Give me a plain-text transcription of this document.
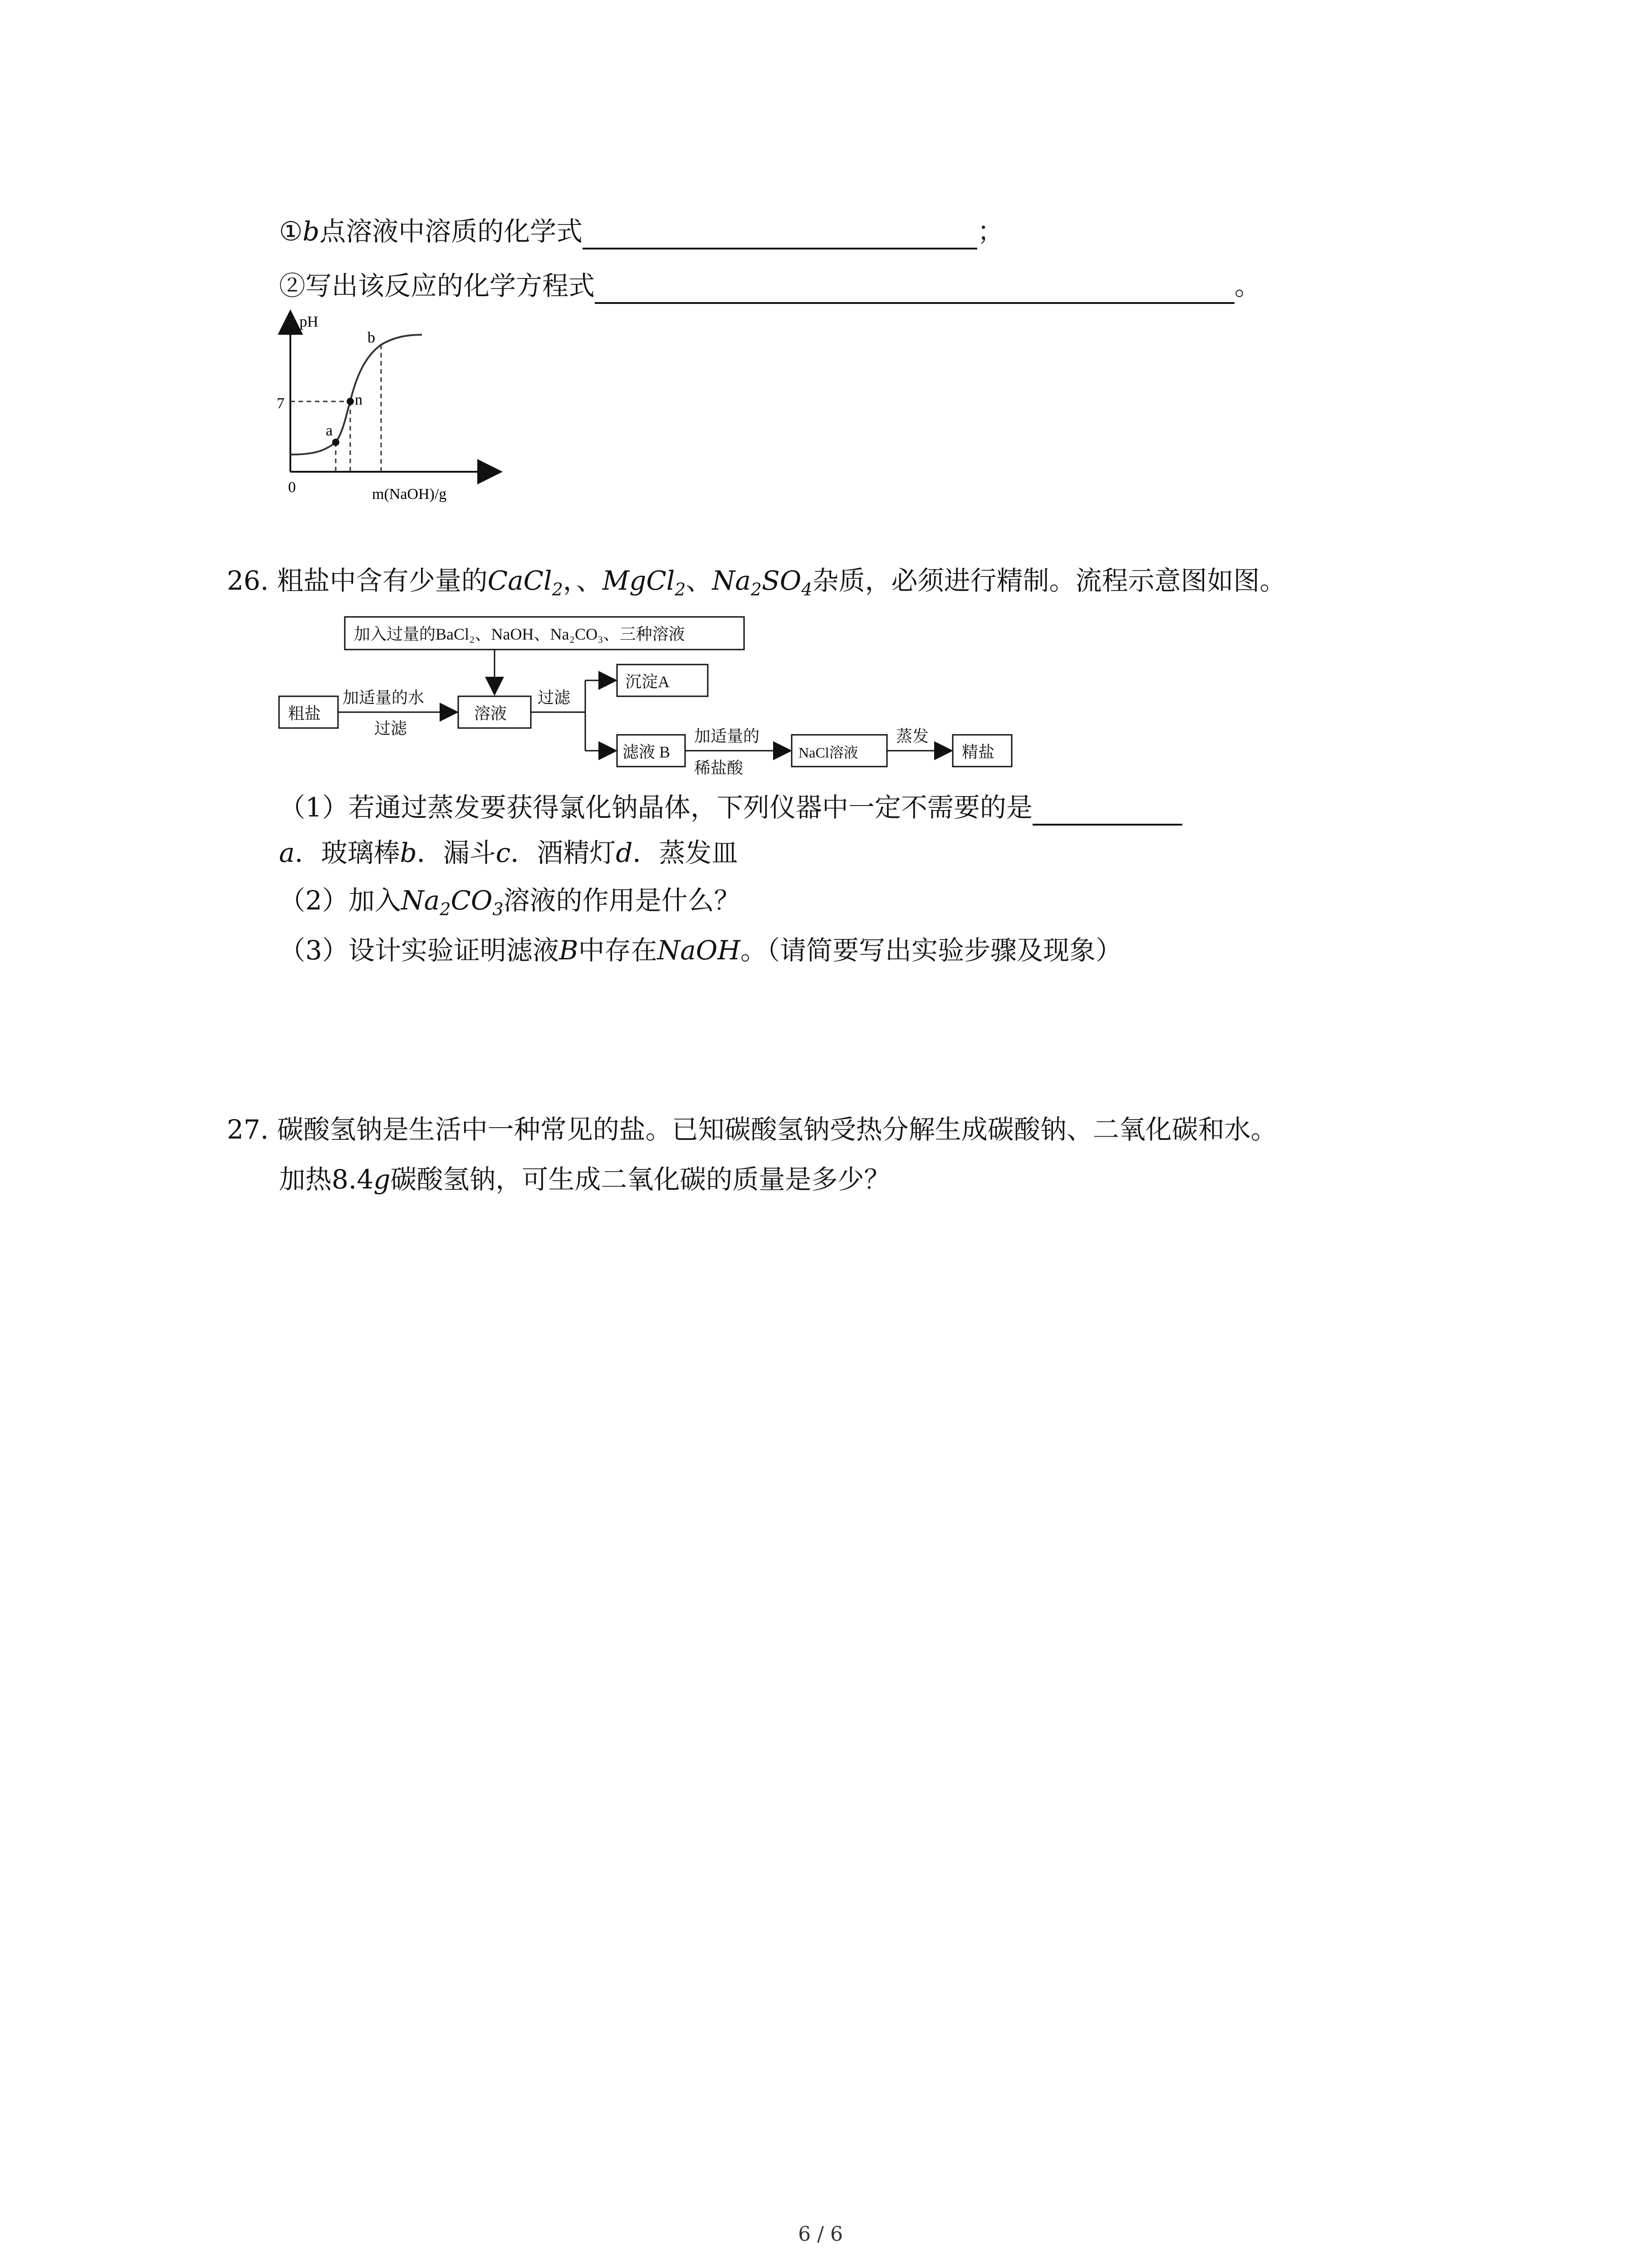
①b点溶液中溶质的化学式	；
②写出该反应的化学方程式	。
pH
7
0	m(NaOH)/g
a
n
b
26. 粗盐中含有少量的CaCl$_2$，、MgCl$_2$、$Na_2SO_4$杂质，必须进行精制。流程示意图如图。
加入过量的BaCl₂、NaOH、Na₂CO₃、三种溶液
粗盐
加适量的水
过滤
溶液
过滤
沉淀A
滤液 B
加适量的
稀盐酸
NaCl溶液
蒸发
精盐
（1）若通过蒸发要获得氯化钠晶体，下列仪器中一定不需要的是
a．玻璃棒b．漏斗c．酒精灯d．蒸发皿
（2）加入$Na_2CO_3$溶液的作用是什么？
（3）设计实验证明滤液B中存在NaOH。（请简要写出实验步骤及现象）
27. 碳酸氢钠是生活中一种常见的盐。已知碳酸氢钠受热分解生成碳酸钠、二氧化碳和水。
加热8.4g碳酸氢钠，可生成二氧化碳的质量是多少？
6 / 6
